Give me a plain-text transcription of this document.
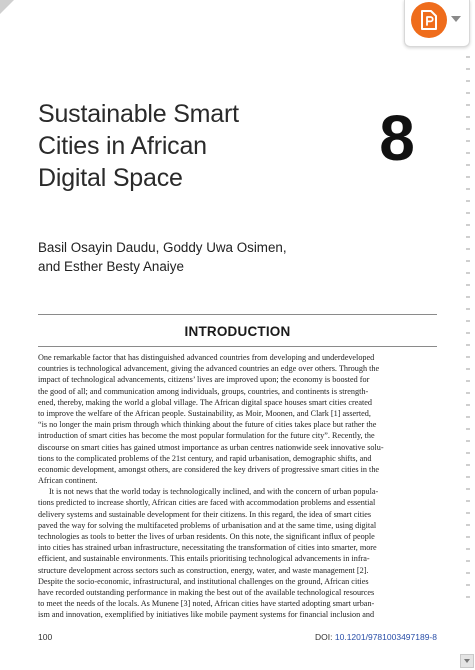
Sustainable Smart
Cities in African
Digital Space
8
Basil Osayin Daudu, Goddy Uwa Osimen,
and Esther Besty Anaiye
INTRODUCTION
One remarkable factor that has distinguished advanced countries from developing and underdeveloped
countries is technological advancement, giving the advanced countries an edge over others. Through the
impact of technological advancements, citizens’ lives are improved upon; the economy is boosted for
the good of all; and communication among individuals, groups, countries, and continents is strength-
ened, thereby, making the world a global village. The African digital space houses smart cities created
to improve the welfare of the African people. Sustainability, as Moir, Moonen, and Clark [1] asserted,
“is no longer the main prism through which thinking about the future of cities takes place but rather the
introduction of smart cities has become the most popular formulation for the future city”. Recently, the
discourse on smart cities has gained utmost importance as urban centres nationwide seek innovative solu-
tions to the complicated problems of the 21st century, and rapid urbanisation, demographic shifts, and
economic development, amongst others, are considered the key drivers of progressive smart cities in the
African continent.
It is not news that the world today is technologically inclined, and with the concern of urban popula-
tions predicted to increase shortly, African cities are faced with accommodation problems and essential
delivery systems and sustainable development for their citizens. In this regard, the idea of smart cities
paved the way for solving the multifaceted problems of urbanisation and at the same time, using digital
technologies as tools to better the lives of urban residents. On this note, the significant influx of people
into cities has strained urban infrastructure, necessitating the transformation of cities into smarter, more
efficient, and sustainable environments. This entails prioritising technological advancements in infra-
structure development across sectors such as construction, energy, water, and waste management [2].
Despite the socio-economic, infrastructural, and institutional challenges on the ground, African cities
have recorded outstanding performance in making the best out of the available technological resources
to meet the needs of the locals. As Munene [3] noted, African cities have started adopting smart urban-
ism and innovation, exemplified by initiatives like mobile payment systems for financial inclusion and
100	DOI: 10.1201/9781003497189-8
